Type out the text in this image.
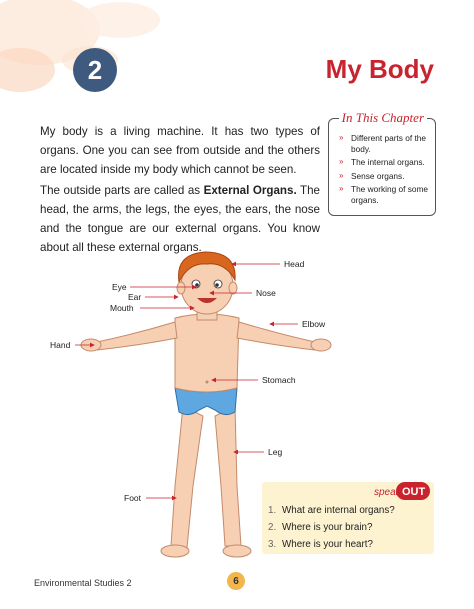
2	My Body

My body is a living machine. It has two types of organs. One you can see from outside and the others are located inside my body which cannot be seen.

The outside parts are called as External Organs. The head, the arms, the legs, the eyes, the ears, the nose and the tongue are our external organs. You know about all these external organs.

In This Chapter
» Different parts of the body.
» The internal organs.
» Sense organs.
» The working of some organs.
Head
Eye
Ear	Nose
Mouth
Elbow
Hand
Stomach
Leg
Foot	speak OUT
1. What are internal organs?
2. Where is your brain?
3. Where is your heart?
Environmental Studies 2	6
